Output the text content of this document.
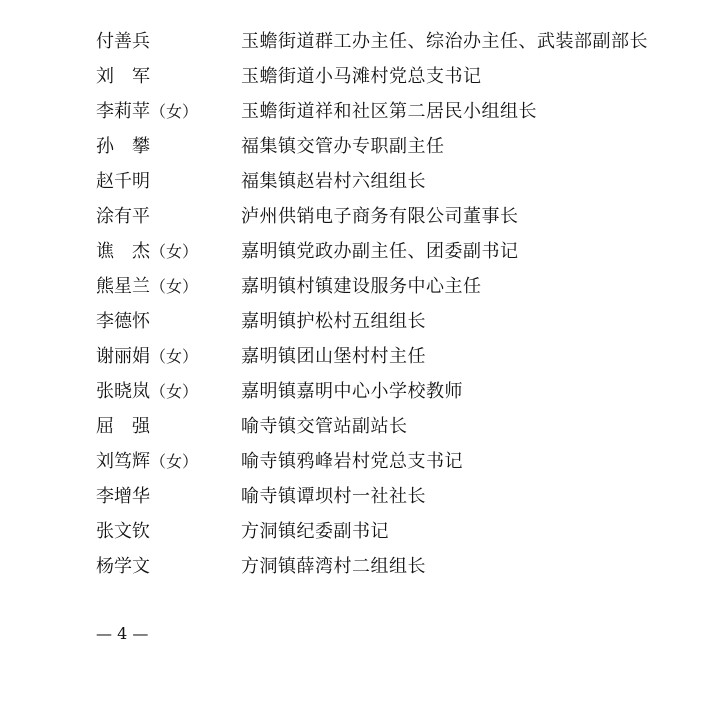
付善兵	玉蟾街道群工办主任、综治办主任、武装部副部长
刘　军	玉蟾街道小马滩村党总支书记
李莉苹（女）	玉蟾街道祥和社区第二居民小组组长
孙　攀	福集镇交管办专职副主任
赵千明	福集镇赵岩村六组组长
涂有平	泸州供销电子商务有限公司董事长
谯　杰（女）	嘉明镇党政办副主任、团委副书记
熊星兰（女）	嘉明镇村镇建设服务中心主任
李德怀	嘉明镇护松村五组组长
谢丽娟（女）	嘉明镇团山堡村村主任
张晓岚（女）	嘉明镇嘉明中心小学校教师
屈　强	喻寺镇交管站副站长
刘笃辉（女）	喻寺镇鸦峰岩村党总支书记
李增华	喻寺镇谭坝村一社社长
张文钦	方洞镇纪委副书记
杨学文	方洞镇薛湾村二组组长
— 4 —
